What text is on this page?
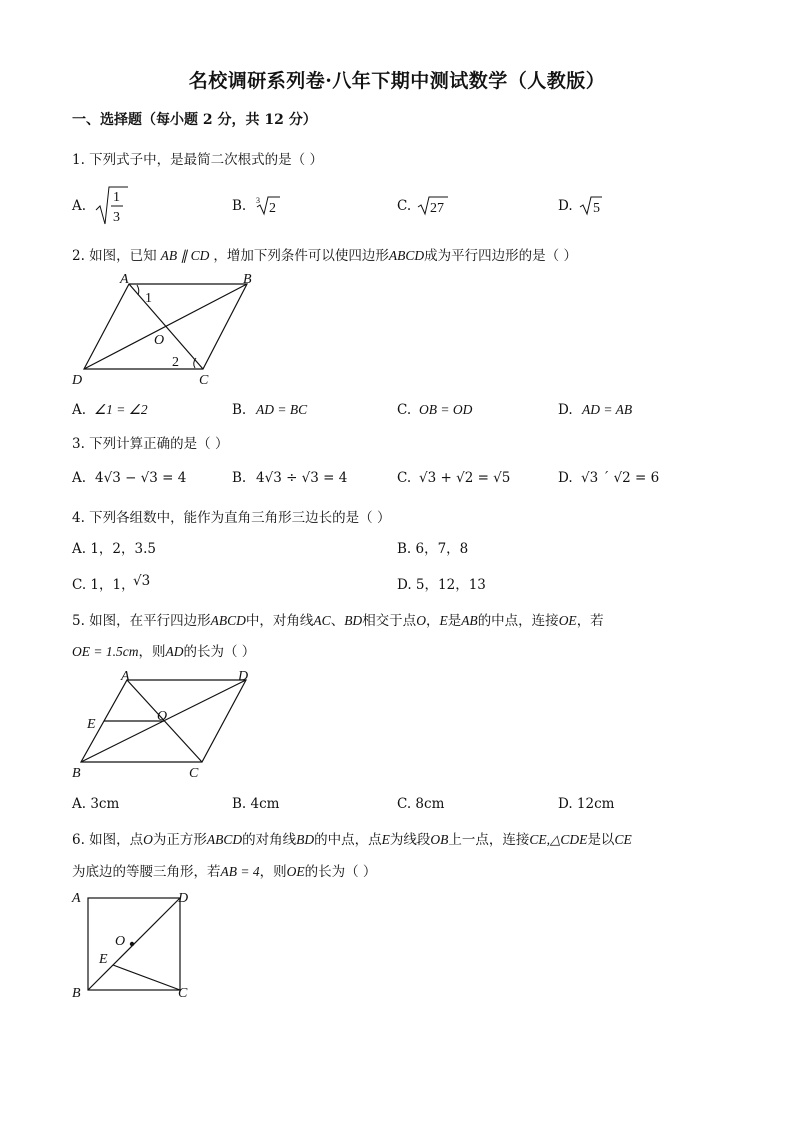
名校调研系列卷·八年下期中测试数学（人教版）
一、选择题（每小题 2 分，共 12 分）
1. 下列式子中，是最简二次根式的是（ ）
A.
1
3
B. 3
2	C. 27	D. 5
2. 如图，已知 AB ∥ CD ，增加下列条件可以使四边形ABCD成为平行四边形的是（ ）
A	B
C
D
O
1
2
A. ∠1 = ∠2	B. AD = BC	C. OB = OD	D. AD = AB
3. 下列计算正确的是（ ）
A. 4√3 − √3 = 4	B. 4√3 ÷ √3 = 4	C. √3 + √2 = √5	D. √3 ´ √2 = 6
4. 下列各组数中，能作为直角三角形三边长的是（ ）
A. 1，2，3.5	B. 6，7，8
C. 1，1，
√3	D. 5，12，13
5. 如图，在平行四边形ABCD中，对角线AC、BD相交于点O，E是AB的中点，连接OE，若
OE = 1.5cm，则AD的长为（ ）
A	D
E
O
B	C
A. 3cm	B. 4cm	C. 8cm	D. 12cm
6. 如图，点O为正方形ABCD的对角线BD的中点，点E为线段OB上一点，连接CE,△CDE是以CE
为底边的等腰三角形，若AB = 4，则OE的长为（ ）
A	D
O
E
B	C
